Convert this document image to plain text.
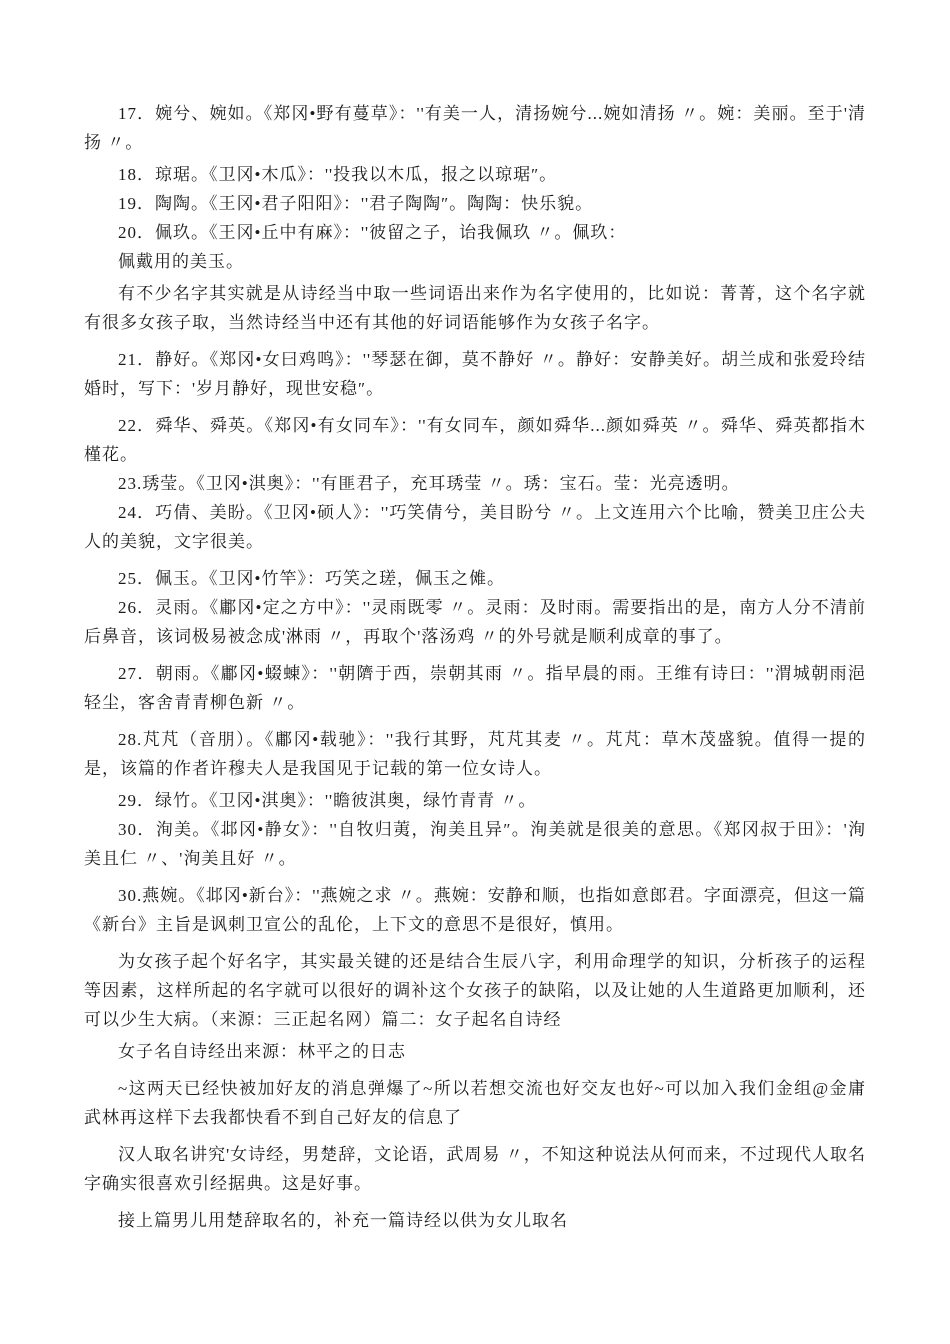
17．婉兮、婉如。《郑冈•野有蔓草》：''有美一人，清扬婉兮...婉如清扬 〃。婉：美丽。至于'清扬 〃。

18．琼琚。《卫冈•木瓜》：''投我以木瓜，报之以琼琚″。

19．陶陶。《王冈•君子阳阳》：''君子陶陶″。陶陶：快乐貌。

20．佩玖。《王冈•丘中有麻》：''彼留之子，诒我佩玖 〃。佩玖：

佩戴用的美玉。

有不少名字其实就是从诗经当中取一些词语出来作为名字使用的，比如说：菁菁，这个名字就有很多女孩子取，当然诗经当中还有其他的好词语能够作为女孩子名字。

21．静好。《郑冈•女曰鸡鸣》：''琴瑟在御，莫不静好 〃。静好：安静美好。胡兰成和张爱玲结婚时，写下：'岁月静好，现世安稳″。

22．舜华、舜英。《郑冈•有女同车》：''有女同车，颜如舜华...颜如舜英 〃。舜华、舜英都指木槿花。

23.琇莹。《卫冈•淇奥》：''有匪君子，充耳琇莹 〃。琇：宝石。莹：光亮透明。

24．巧倩、美盼。《卫冈•硕人》：''巧笑倩兮，美目盼兮 〃。上文连用六个比喻，赞美卫庄公夫人的美貌，文字很美。

25．佩玉。《卫冈•竹竿》：巧笑之瑳，佩玉之傩。

26．灵雨。《鄘冈•定之方中》：''灵雨既零 〃。灵雨：及时雨。需要指出的是，南方人分不清前后鼻音，该词极易被念成'淋雨 〃，再取个'落汤鸡 〃的外号就是顺利成章的事了。

27．朝雨。《鄘冈•蝃蝀》：''朝隮于西，崇朝其雨 〃。指早晨的雨。王维有诗曰：''渭城朝雨浥轻尘，客舍青青柳色新 〃。

28.芃芃（音朋）。《鄘冈•载驰》：''我行其野，芃芃其麦 〃。芃芃：草木茂盛貌。值得一提的是，该篇的作者许穆夫人是我国见于记载的第一位女诗人。

29．绿竹。《卫冈•淇奥》：''瞻彼淇奥，绿竹青青 〃。

30．洵美。《邶冈•静女》：''自牧归荑，洵美且异″。洵美就是很美的意思。《郑冈叔于田》：'洵美且仁 〃、'洵美且好 〃。

30.燕婉。《邶冈•新台》：''燕婉之求 〃。燕婉：安静和顺，也指如意郎君。字面漂亮，但这一篇《新台》主旨是讽刺卫宣公的乱伦，上下文的意思不是很好，慎用。

为女孩子起个好名字，其实最关键的还是结合生辰八字，利用命理学的知识，分析孩子的运程等因素，这样所起的名字就可以很好的调补这个女孩子的缺陷，以及让她的人生道路更加顺利，还可以少生大病。（来源：三正起名网）篇二：女子起名自诗经

女子名自诗经出来源：林平之的日志

~这两天已经快被加好友的消息弹爆了~所以若想交流也好交友也好~可以加入我们金组@金庸武林再这样下去我都快看不到自己好友的信息了

汉人取名讲究'女诗经，男楚辞，文论语，武周易 〃，不知这种说法从何而来，不过现代人取名字确实很喜欢引经据典。这是好事。

接上篇男儿用楚辞取名的，补充一篇诗经以供为女儿取名
